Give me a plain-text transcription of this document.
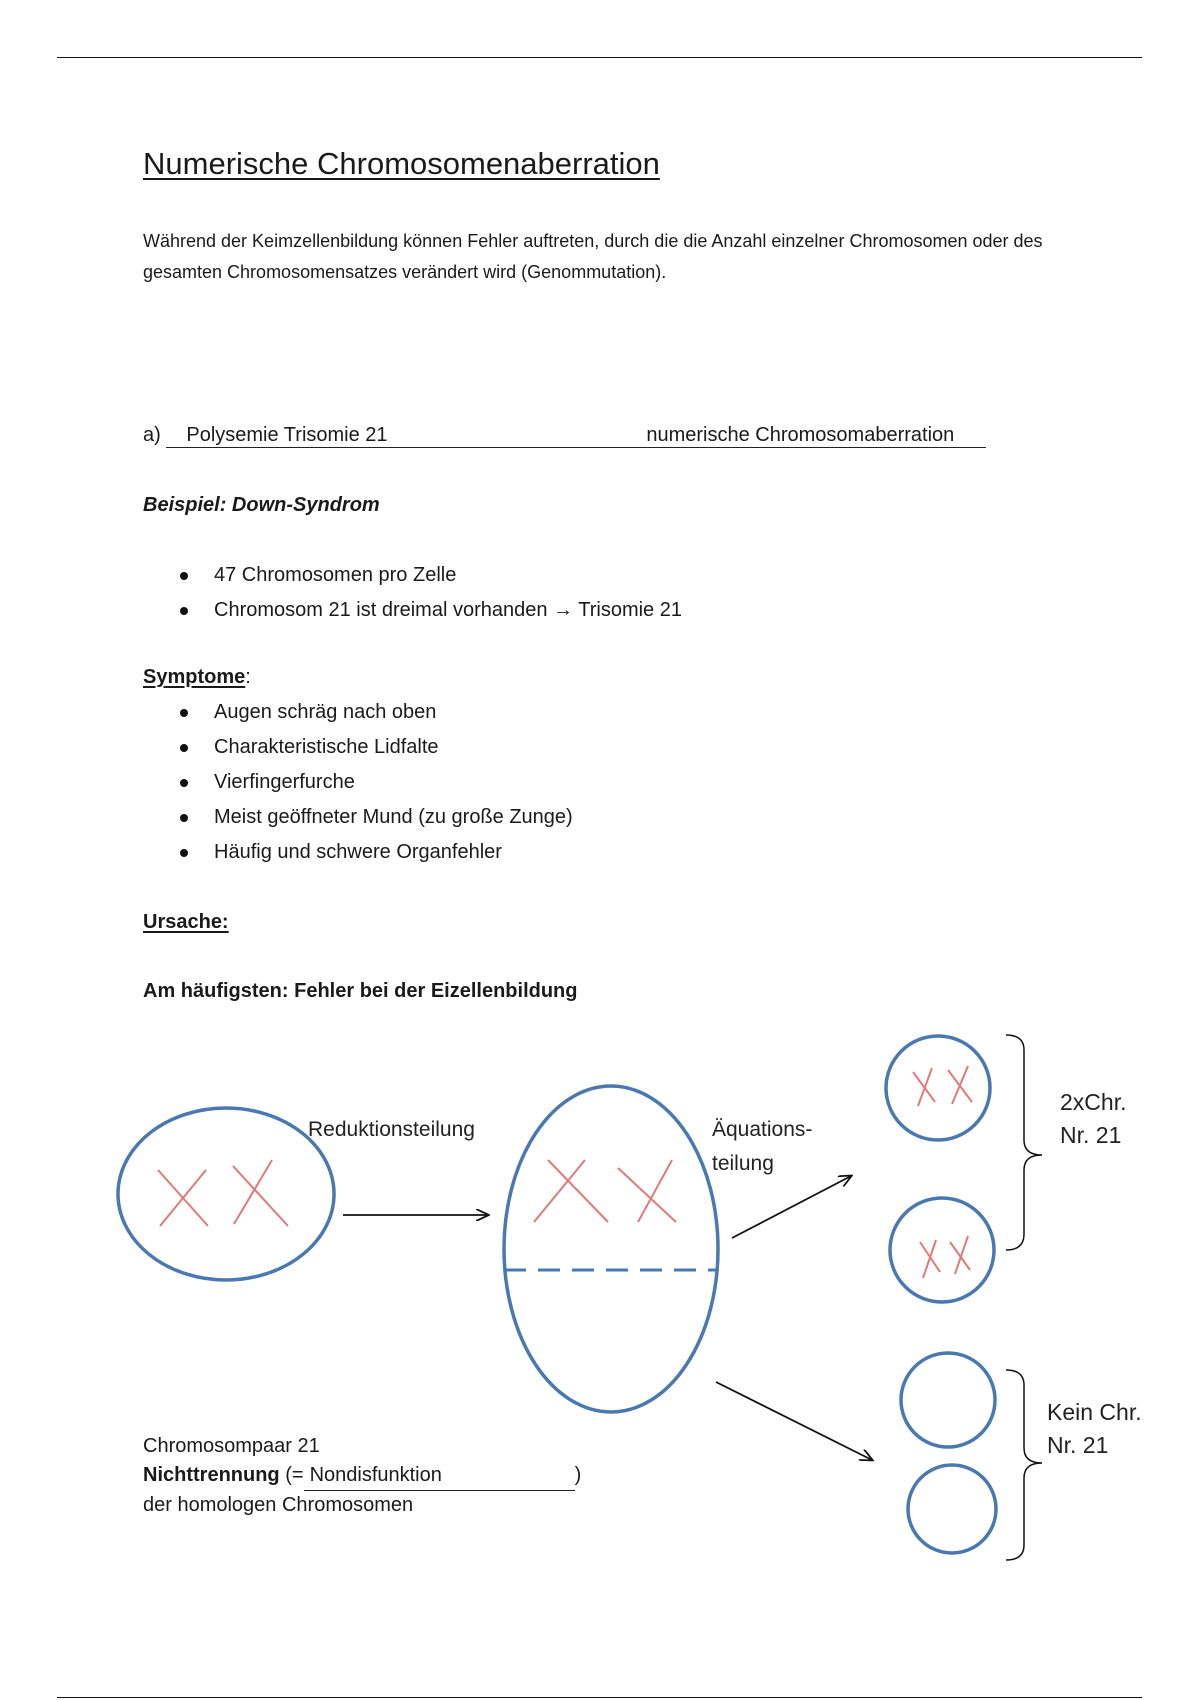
Numerische Chromosomenaberration
Während der Keimzellenbildung können Fehler auftreten, durch die die Anzahl einzelner Chromosomen oder des gesamten Chromosomensatzes verändert wird (Genommutation).
a) Polysemie Trisomie 21	numerische Chromosomaberration
Beispiel: Down-Syndrom
47 Chromosomen pro Zelle
Chromosom 21 ist dreimal vorhanden → Trisomie 21
Symptome:
Augen schräg nach oben
Charakteristische Lidfalte
Vierfingerfurche
Meist geöffneter Mund (zu große Zunge)
Häufig und schwere Organfehler
Ursache:
Am häufigsten: Fehler bei der Eizellenbildung
Reduktionsteilung	Äquations-
teilung
2xChr.
Nr. 21
Kein Chr.
Nr. 21
Chromosompaar 21
Nichttrennung (= Nondisfunktion	)
der homologen Chromosomen
